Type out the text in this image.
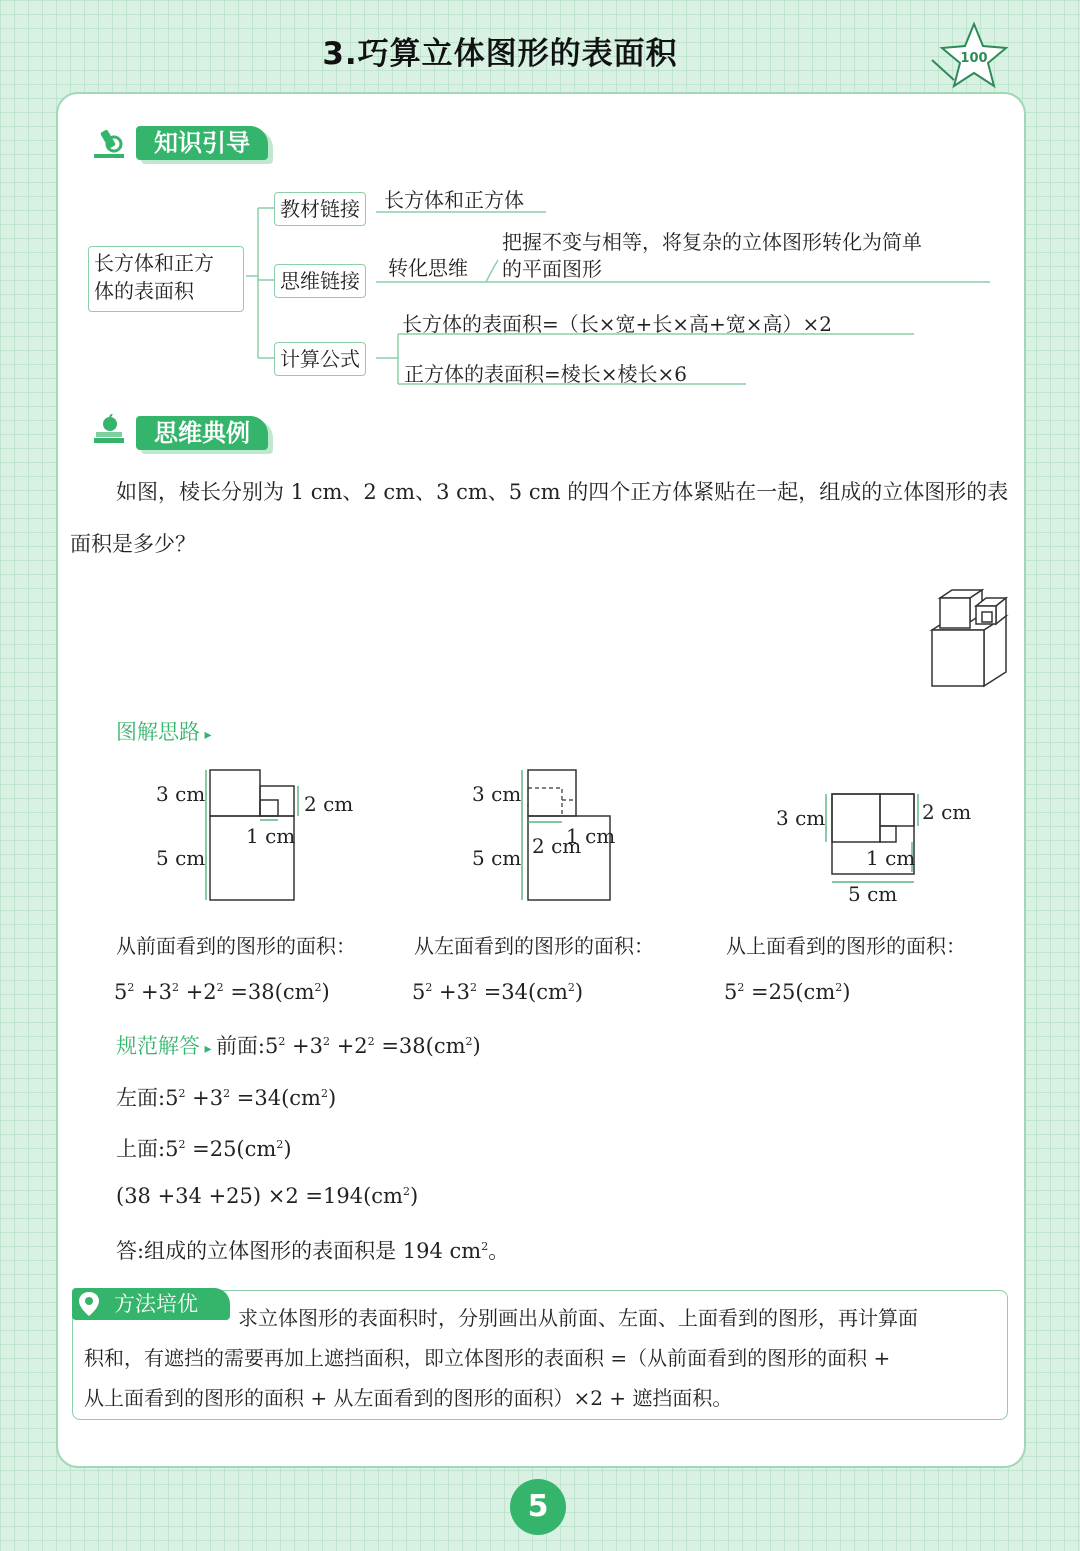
3.巧算立体图形的表面积	100
知识引导
长方体和正方
体的表面积
教材链接	长方体和正方体
思维链接
转化思维
把握不变与相等，将复杂的立体图形转化为简单
的平面图形
计算公式
长方体的表面积=（长×宽+长×高+宽×高）×2
正方体的表面积=棱长×棱长×6
思维典例
如图，棱长分别为 1 cm、2 cm、3 cm、5 cm 的四个正方体紧贴在一起，组成的立体图形的表
面积是多少？
图解思路 ▸
3 cm	2 cm
1 cm
5 cm
3 cm
2 cm
1 cm
5 cm
3 cm	2 cm
1 cm
5 cm
从前面看到的图形的面积：	从左面看到的图形的面积：	从上面看到的图形的面积：
$5^2 +3^2 +2^2 =38(cm^2)$	$5^2 +3^2 =34(cm^2)$	$5^2 =25(cm^2)$
规范解答 ▸ 前面$:5^2 +3^2 +2^2 =38(cm^2)$
左面$:5^2 +3^2 =34(cm^2)$
上面$:5^2 =25(cm^2)$
$(38 +34 +25) \times 2 =194(cm^2)$
答:组成的立体图形的表面积是 194 $cm^2$。
方法培优
求立体图形的表面积时，分别画出从前面、左面、上面看到的图形，再计算面
积和，有遮挡的需要再加上遮挡面积，即立体图形的表面积 =（从前面看到的图形的面积 +
从上面看到的图形的面积 + 从左面看到的图形的面积）×2 + 遮挡面积。
5
